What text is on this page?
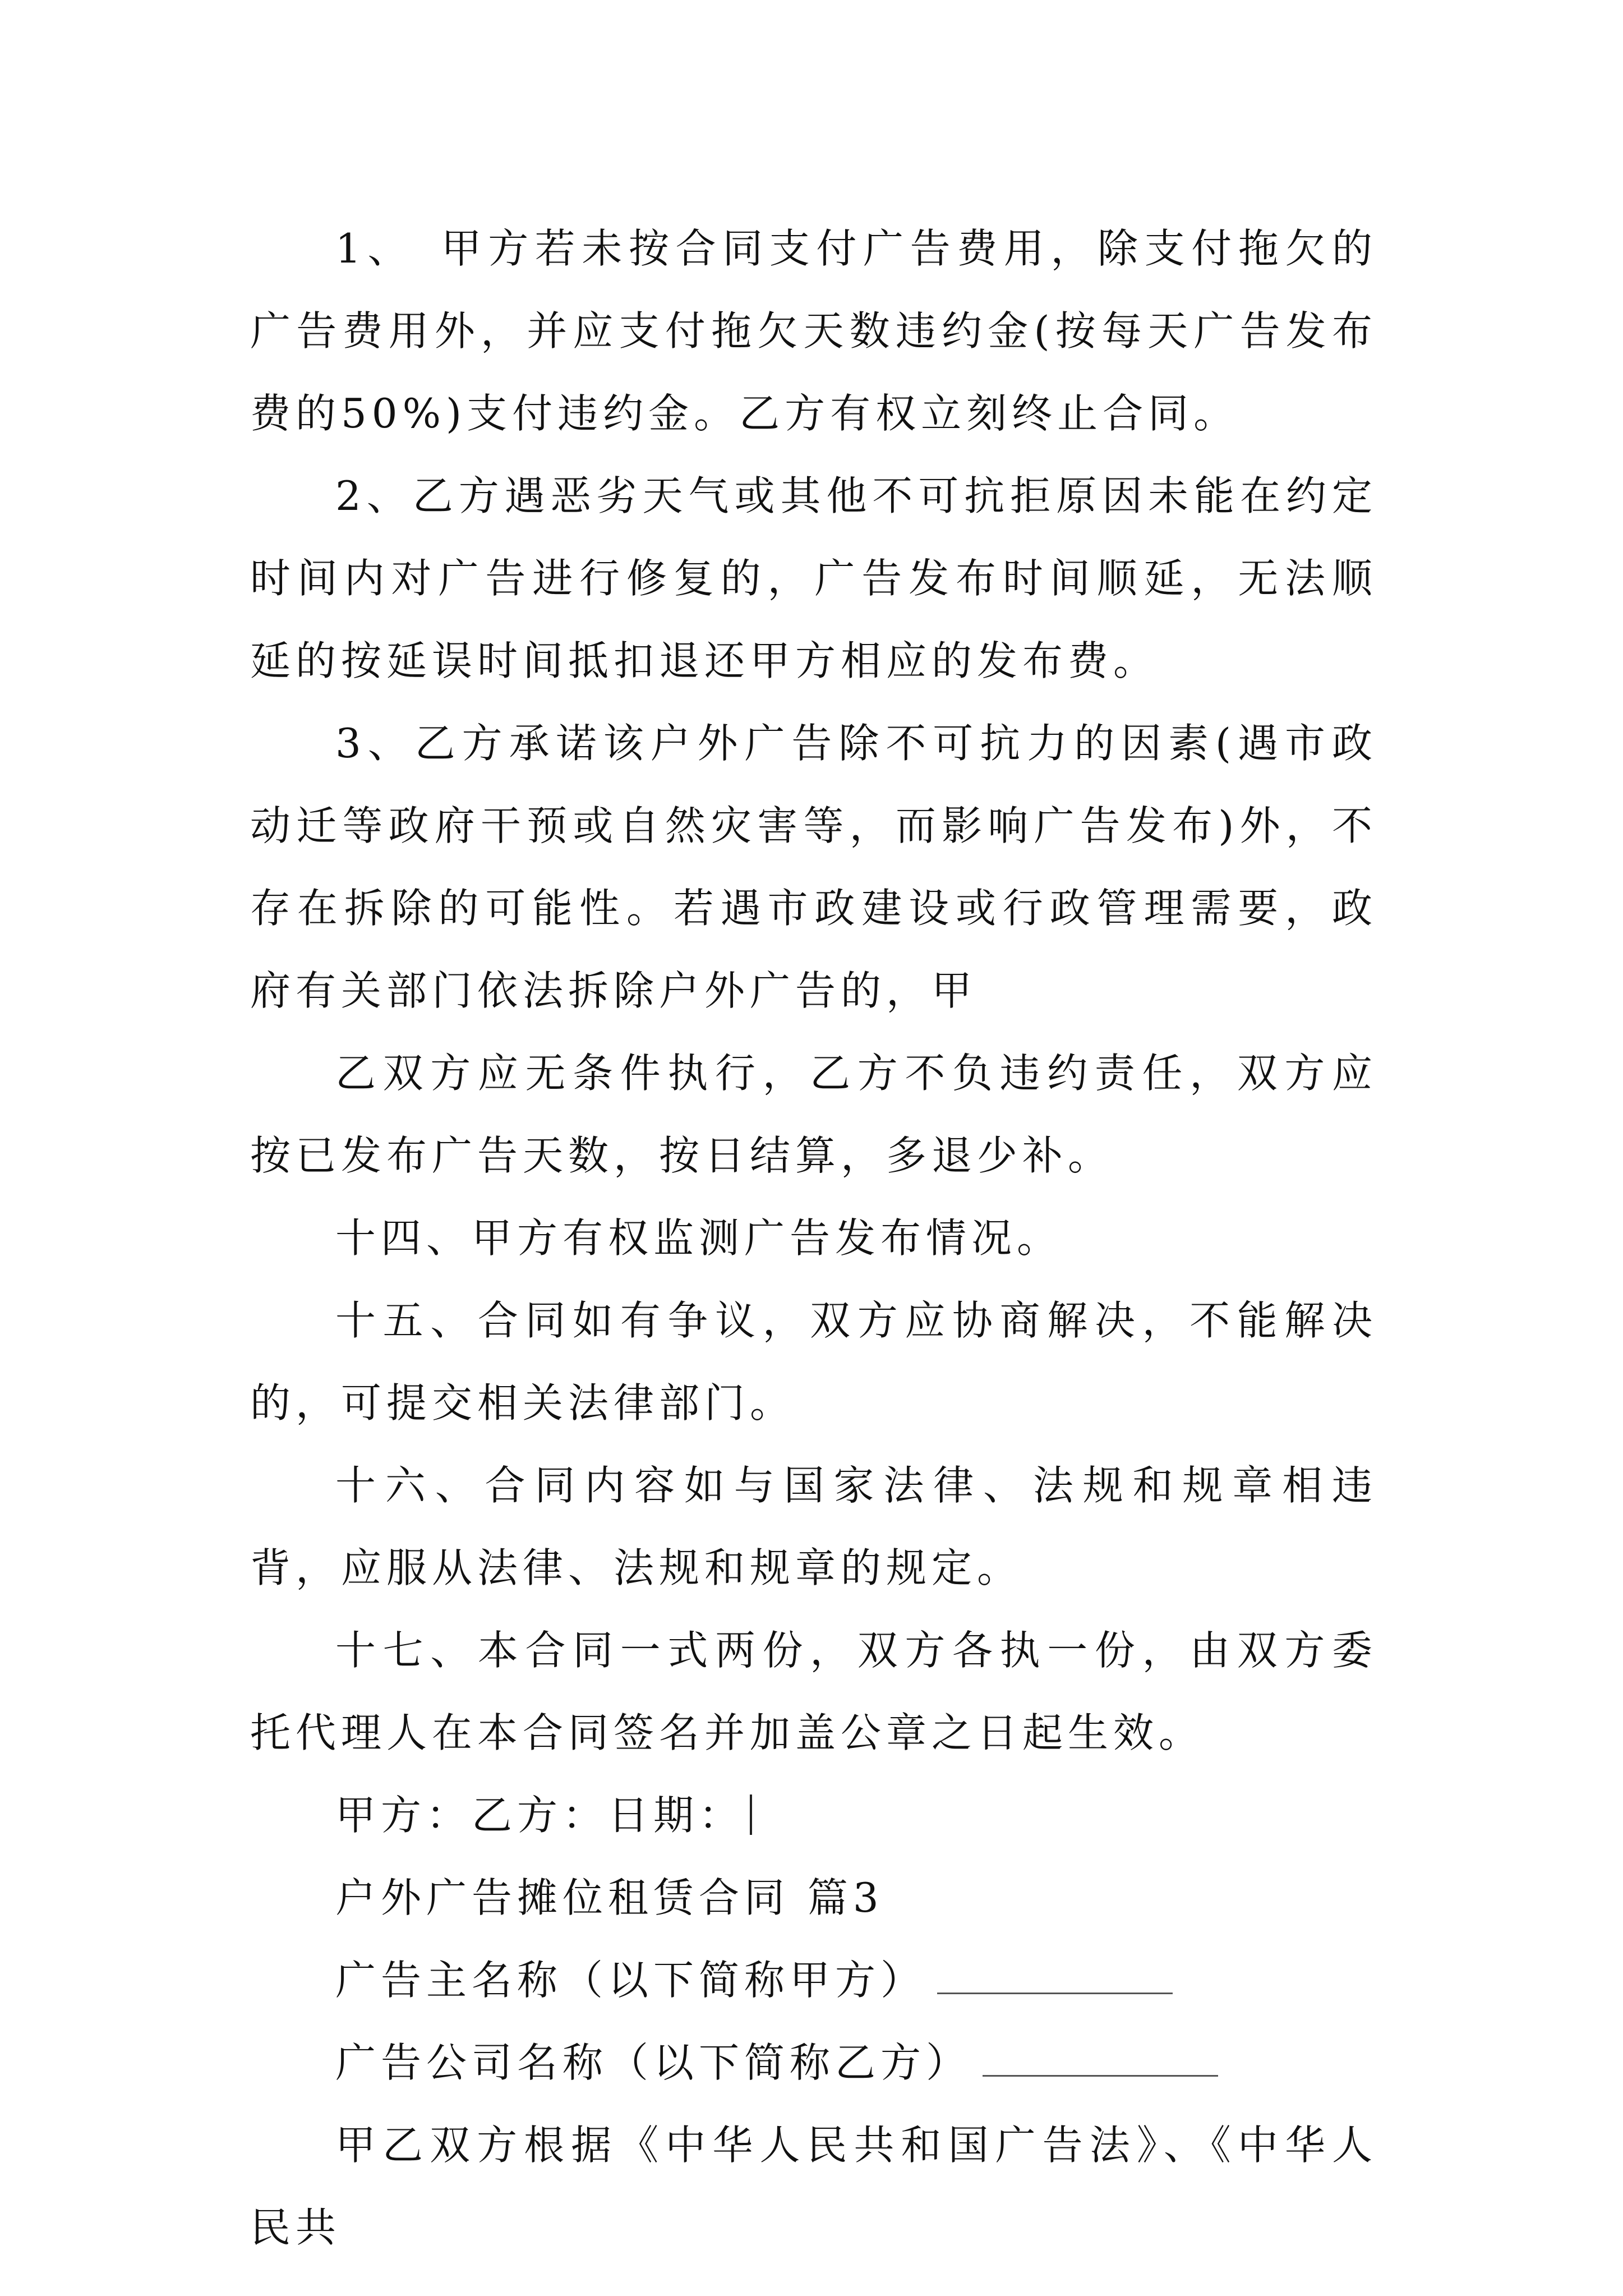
1、　甲方若未按合同支付广告费用，除支付拖欠的广告费用外，并应支付拖欠天数违约金(按每天广告发布费的50%)支付违约金。乙方有权立刻终止合同。

2、乙方遇恶劣天气或其他不可抗拒原因未能在约定时间内对广告进行修复的，广告发布时间顺延，无法顺延的按延误时间抵扣退还甲方相应的发布费。

3、乙方承诺该户外广告除不可抗力的因素(遇市政动迁等政府干预或自然灾害等，而影响广告发布)外，不存在拆除的可能性。若遇市政建设或行政管理需要，政府有关部门依法拆除户外广告的，甲

乙双方应无条件执行，乙方不负违约责任，双方应按已发布广告天数，按日结算，多退少补。

十四、甲方有权监测广告发布情况。

十五、合同如有争议，双方应协商解决，不能解决的，可提交相关法律部门。

十六、合同内容如与国家法律、法规和规章相违背，应服从法律、法规和规章的规定。

十七、本合同一式两份，双方各执一份，由双方委托代理人在本合同签名并加盖公章之日起生效。

甲方：乙方：日期：

户外广告摊位租赁合同 篇3

广告主名称（以下简称甲方）

广告公司名称（以下简称乙方）

甲乙双方根据《中华人民共和国广告法》、《中华人民共
